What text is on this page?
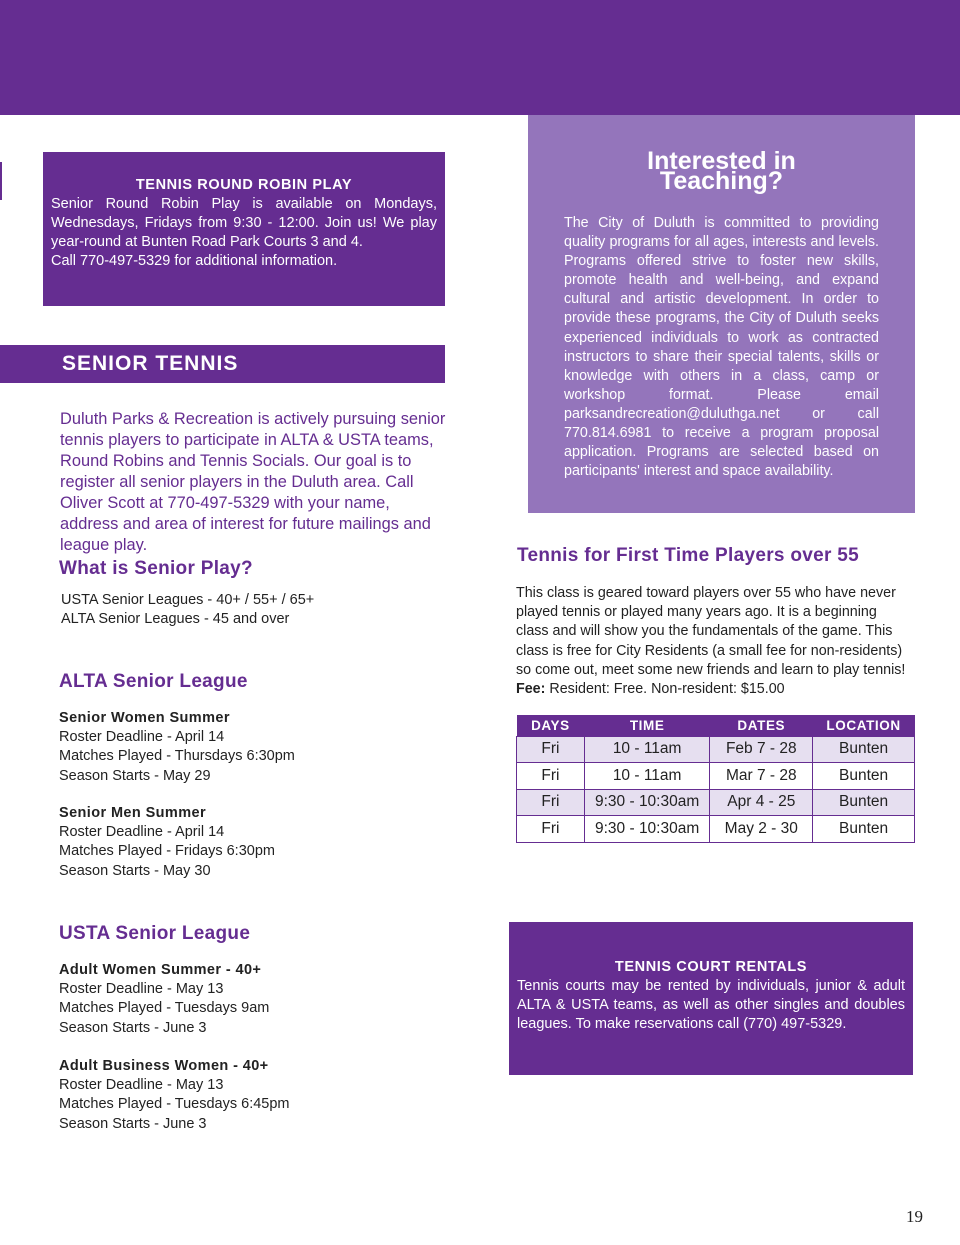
TENNIS ROUND ROBIN PLAY
Senior Round Robin Play is available on Mondays, Wednesdays, Fridays from 9:30 - 12:00. Join us! We play year-round at Bunten Road Park Courts 3 and 4.
Call 770-497-5329 for additional information.
SENIOR TENNIS
Duluth Parks & Recreation is actively pursuing senior tennis players to participate in ALTA & USTA teams, Round Robins and Tennis Socials. Our goal is to register all senior players in the Duluth area. Call Oliver Scott at 770-497-5329 with your name, address and area of interest for future mailings and league play.
What is Senior Play?
USTA Senior Leagues - 40+ / 55+ / 65+
ALTA Senior Leagues - 45 and over
ALTA Senior League
Senior Women Summer
Roster Deadline - April 14
Matches Played - Thursdays 6:30pm
Season Starts - May 29
Senior Men Summer
Roster Deadline - April 14
Matches Played - Fridays 6:30pm
Season Starts - May 30
USTA Senior League
Adult Women Summer - 40+
Roster Deadline - May 13
Matches Played - Tuesdays 9am
Season Starts - June 3
Adult Business Women - 40+
Roster Deadline - May 13
Matches Played - Tuesdays 6:45pm
Season Starts - June 3
Interested in
Teaching?
The City of Duluth is committed to providing quality programs for all ages, interests and levels. Programs offered strive to foster new skills, promote health and well-being, and expand cultural and artistic development. In order to provide these programs, the City of Duluth seeks experienced individuals to work as contracted instructors to share their special talents, skills or knowledge with others in a class, camp or workshop format. Please email parksandrecreation@duluthga.net or call 770.814.6981 to receive a program proposal application. Programs are selected based on participants' interest and space availability.
Tennis for First Time Players over 55
This class is geared toward players over 55 who have never played tennis or played many years ago. It is a beginning class and will show you the fundamentals of the game. This class is free for City Residents (a small fee for non-residents) so come out, meet some new friends and learn to play tennis!
Fee: Resident: Free. Non-resident: $15.00
DAYS	TIME	DATES	LOCATION
Fri	10 - 11am	Feb 7 - 28	Bunten
Fri	10 - 11am	Mar 7 - 28	Bunten
Fri	9:30 - 10:30am	Apr 4 - 25	Bunten
Fri	9:30 - 10:30am	May 2 - 30	Bunten
TENNIS COURT RENTALS
Tennis courts may be rented by individuals, junior & adult ALTA & USTA teams, as well as other singles and doubles leagues. To make reservations call (770) 497-5329.
19
